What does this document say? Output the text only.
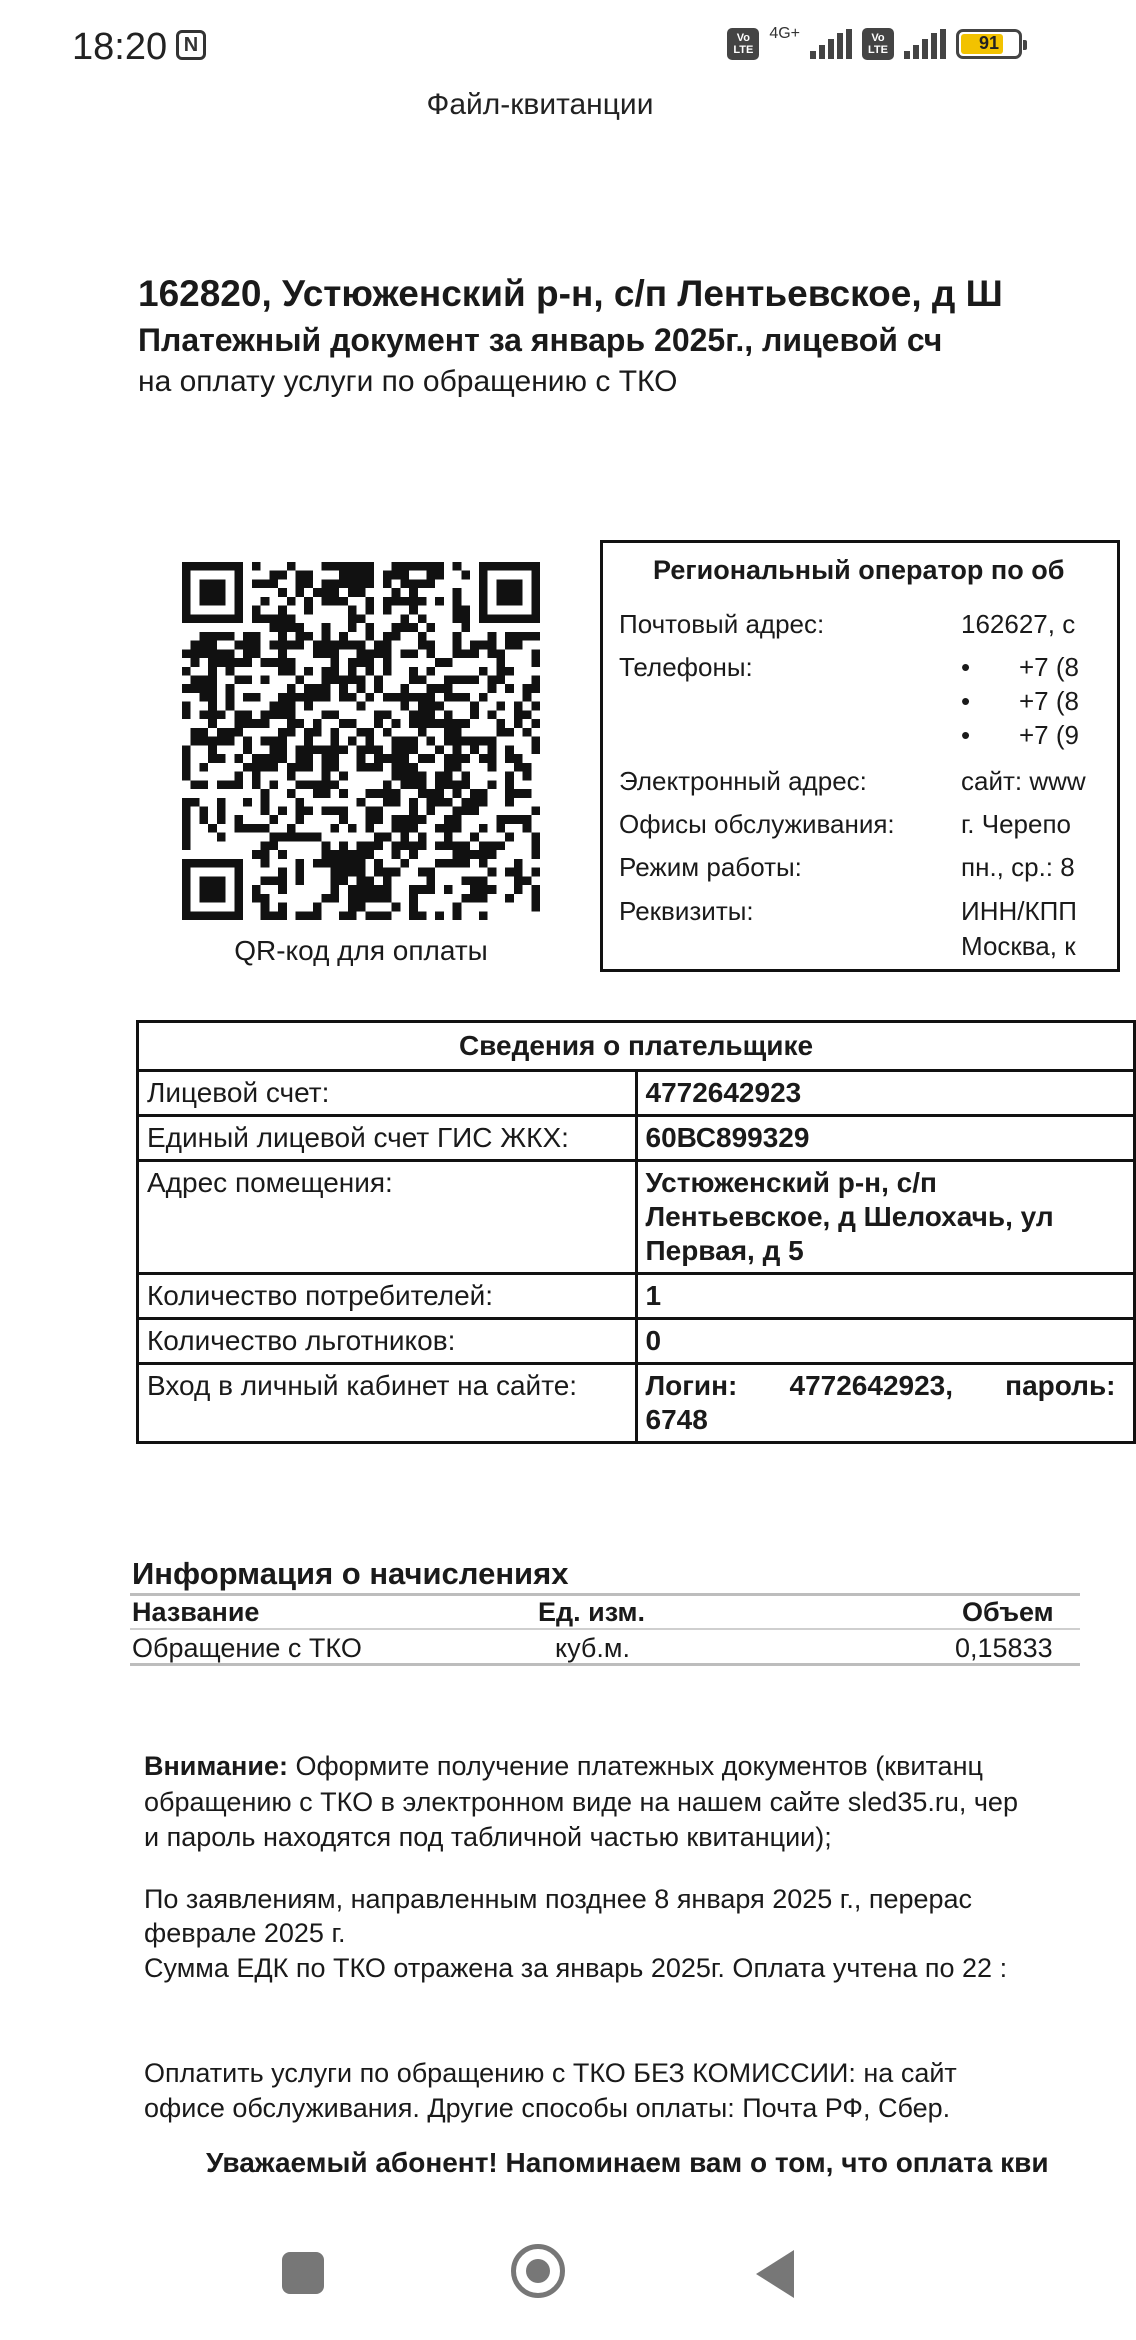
18:20 N	Vo LTE
4G+	Vo LTE	91
Файл-квитанции
162820, Устюженский р-н, с/п Лентьевское, д Ш
Платежный документ за январь 2025г., лицевой сч
на оплату услуги по обращению с ТКО
QR-код для оплаты
Региональный оператор по об
Почтовый адрес:	162627, с
Телефоны:	• +7 (8
• +7 (8
• +7 (9
Электронный адрес:	сайт: www
Офисы обслуживания:	г. Черепо
Режим работы:	пн., ср.: 8
Реквизиты:	ИНН/КПП
Москва, к
Сведения о плательщике	
Лицевой счет:	4772642923
Единый лицевой счет ГИС ЖКХ:	60ВС899329
Адрес помещения:	Устюженский р-н, с/п Лентьевское, д Шелохачь, ул Первая, д 5
Количество потребителей:	1
Количество льготников:	0
Вход в личный кабинет на сайте:	Логин: 4772642923, пароль:
6748
Информация о начислениях
Название	Ед. изм.	Объем
Обращение с ТКО	куб.м.	0,15833
Внимание: Оформите получение платежных документов (квитанц
обращению с ТКО в электронном виде на нашем сайте sled35.ru, чер
и пароль находятся под табличной частью квитанции);
По заявлениям, направленным позднее 8 января 2025 г., перерас
феврале 2025 г.
Сумма ЕДК по ТКО отражена за январь 2025г. Оплата учтена по 22 :
Оплатить услуги по обращению с ТКО БЕЗ КОМИССИИ: на сайт
офисе обслуживания. Другие способы оплаты: Почта РФ, Сбер.
Уважаемый абонент! Напоминаем вам о том, что оплата кви
